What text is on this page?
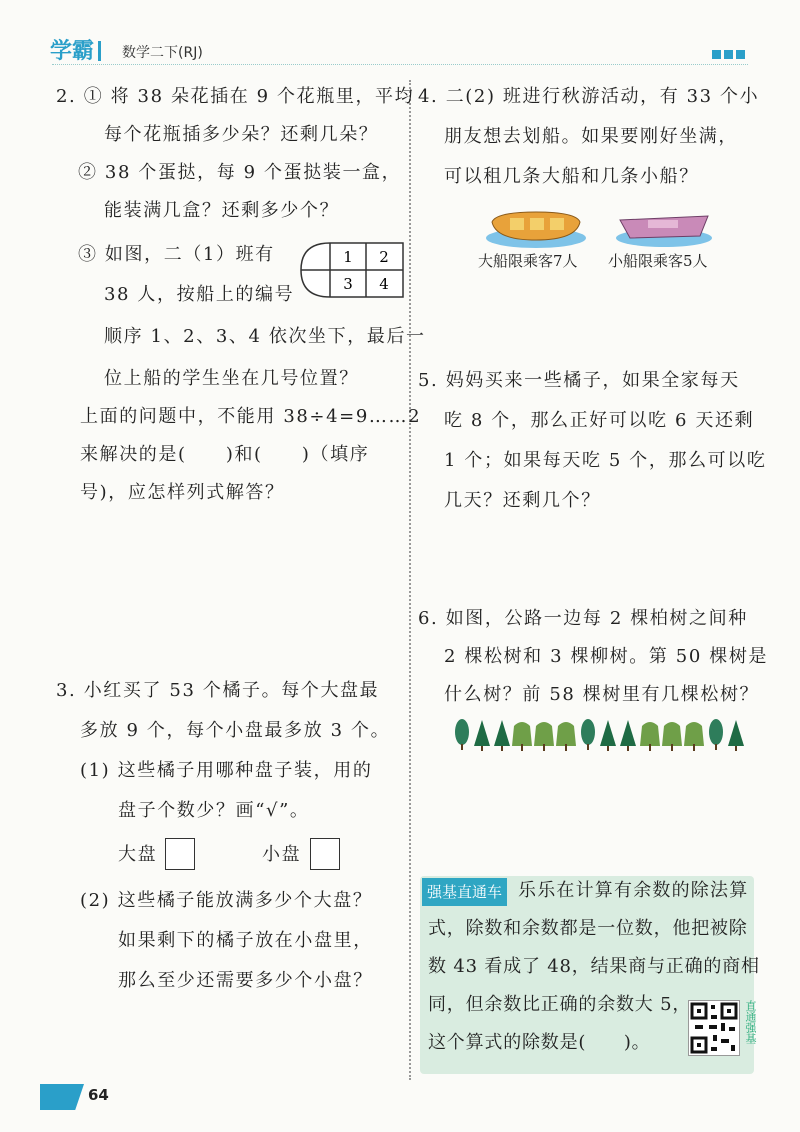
学霸	数学二下(RJ)
2. ① 将 38 朵花插在 9 个花瓶里，平均
每个花瓶插多少朵？还剩几朵？
② 38 个蛋挞，每 9 个蛋挞装一盒，
能装满几盒？还剩多少个？
③ 如图，二（1）班有
38 人，按船上的编号
顺序 1、2、3、4 依次坐下，最后一
位上船的学生坐在几号位置？
上面的问题中，不能用 38÷4=9……2
来解决的是(　　)和(　　)（填序
号)，应怎样列式解答？
1 2
3 4
3. 小红买了 53 个橘子。每个大盘最
多放 9 个，每个小盘最多放 3 个。
(1) 这些橘子用哪种盘子装，用的
盘子个数少？画“√”。
大盘	小盘
(2) 这些橘子能放满多少个大盘？
如果剩下的橘子放在小盘里，
那么至少还需要多少个小盘？
4. 二(2) 班进行秋游活动，有 33 个小
朋友想去划船。如果要刚好坐满，
可以租几条大船和几条小船？
大船限乘客7人 小船限乘客5人
5. 妈妈买来一些橘子，如果全家每天
吃 8 个，那么正好可以吃 6 天还剩
1 个；如果每天吃 5 个，那么可以吃
几天？还剩几个？
6. 如图，公路一边每 2 棵柏树之间种
2 棵松树和 3 棵柳树。第 50 棵树是
什么树？前 58 棵树里有几棵松树？
强基直通车 乐乐在计算有余数的除法算
式，除数和余数都是一位数，他把被除
数 43 看成了 48，结果商与正确的商相
同，但余数比正确的余数大 5，
这个算式的除数是(　　)。	直通强基
64
